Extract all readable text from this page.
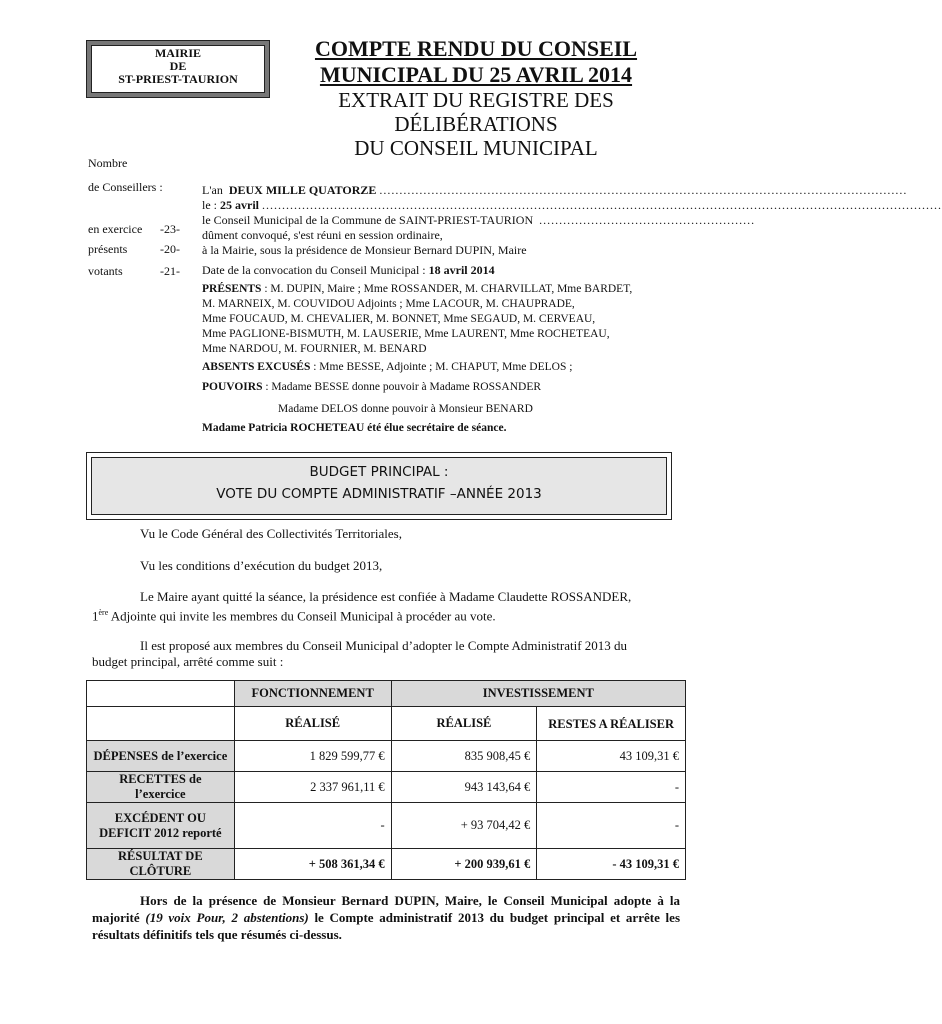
MAIRIE
DE
ST-PRIEST-TAURION
COMPTE RENDU DU CONSEIL
MUNICIPAL DU 25 AVRIL 2014
EXTRAIT DU REGISTRE DES
DÉLIBÉRATIONS
DU CONSEIL MUNICIPAL
Nombre
de Conseillers :
en exercice -23-
présents	-20-
votants	-21-
L'an
DEUX MILLE QUATORZE
....................................................................................................................................
le :
25 avril
..........................................................................................................................................................................
le Conseil Municipal de la Commune de SAINT-PRIEST-TAURION
......................................................
dûment convoqué, s'est réuni en session ordinaire,
à la Mairie, sous la présidence de Monsieur Bernard DUPIN, Maire
Date de la convocation du Conseil Municipal : 18 avril 2014
PRÉSENTS : M. DUPIN, Maire ; Mme ROSSANDER, M. CHARVILLAT, Mme BARDET,
M. MARNEIX, M. COUVIDOU Adjoints ; Mme LACOUR, M. CHAUPRADE,
Mme FOUCAUD, M. CHEVALIER, M. BONNET, Mme SEGAUD, M. CERVEAU,
Mme PAGLIONE-BISMUTH, M. LAUSERIE, Mme LAURENT, Mme ROCHETEAU,
Mme NARDOU, M. FOURNIER, M. BENARD
ABSENTS EXCUSÉS : Mme BESSE, Adjointe ; M. CHAPUT, Mme DELOS ;
POUVOIRS : Madame BESSE donne pouvoir à Madame ROSSANDER
Madame DELOS donne pouvoir à Monsieur BENARD
Madame Patricia ROCHETEAU été élue secrétaire de séance.
BUDGET PRINCIPAL :
VOTE DU COMPTE ADMINISTRATIF –ANNÉE 2013
Vu le Code Général des Collectivités Territoriales,
Vu les conditions d’exécution du budget 2013,
Le Maire ayant quitté la séance, la présidence est confiée à Madame Claudette ROSSANDER,
1ère Adjointe qui invite les membres du Conseil Municipal à procéder au vote.
Il est proposé aux membres du Conseil Municipal d’adopter le Compte Administratif 2013 du
budget principal, arrêté comme suit :
	FONCTIONNEMENT	INVESTISSEMENT	
	RÉALISÉ	RÉALISÉ	RESTES A RÉALISER
DÉPENSES de l’exercice	1 829 599,77 €	835 908,45 €	43 109,31 €
RECETTES de l’exercice	2 337 961,11 €	943 143,64 €	-
EXCÉDENT OU DEFICIT 2012 reporté	-	+ 93 704,42 €	-
RÉSULTAT DE CLÔTURE	+ 508 361,34 €	+ 200 939,61 €	- 43 109,31 €
Hors de la présence de Monsieur Bernard DUPIN, Maire, le Conseil Municipal adopte à la majorité (19 voix Pour, 2 abstentions) le Compte administratif 2013 du budget principal et arrête les résultats définitifs tels que résumés ci-dessus.
